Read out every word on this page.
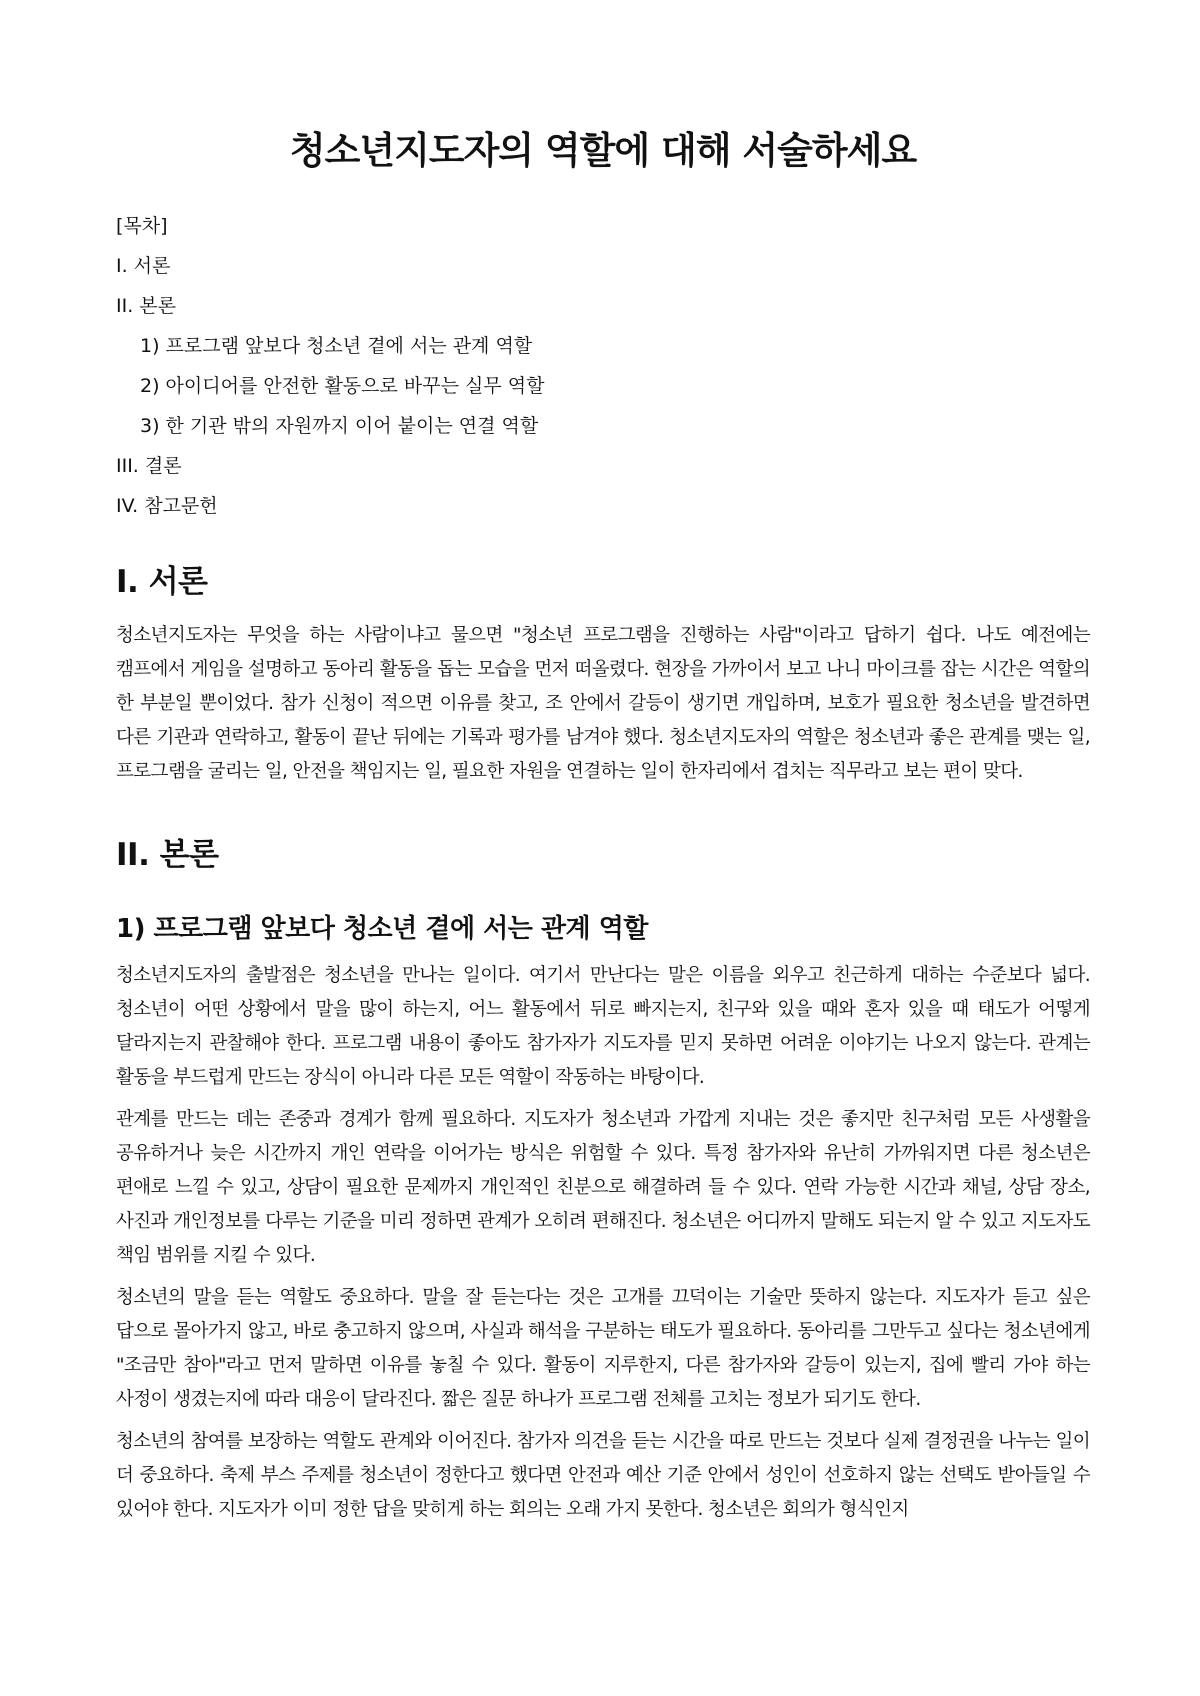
청소년지도자의 역할에 대해 서술하세요
[목차]
I. 서론
II. 본론
1) 프로그램 앞보다 청소년 곁에 서는 관계 역할
2) 아이디어를 안전한 활동으로 바꾸는 실무 역할
3) 한 기관 밖의 자원까지 이어 붙이는 연결 역할
III. 결론
IV. 참고문헌
I. 서론

청소년지도자는 무엇을 하는 사람이냐고 물으면 "청소년 프로그램을 진행하는 사람"이라고 답하기 쉽다. 나도 예전에는 캠프에서 게임을 설명하고 동아리 활동을 돕는 모습을 먼저 떠올렸다. 현장을 가까이서 보고 나니 마이크를 잡는 시간은 역할의 한 부분일 뿐이었다. 참가 신청이 적으면 이유를 찾고, 조 안에서 갈등이 생기면 개입하며, 보호가 필요한 청소년을 발견하면 다른 기관과 연락하고, 활동이 끝난 뒤에는 기록과 평가를 남겨야 했다. 청소년지도자의 역할은 청소년과 좋은 관계를 맺는 일, 프로그램을 굴리는 일, 안전을 책임지는 일, 필요한 자원을 연결하는 일이 한자리에서 겹치는 직무라고 보는 편이 맞다.

II. 본론
1) 프로그램 앞보다 청소년 곁에 서는 관계 역할

청소년지도자의 출발점은 청소년을 만나는 일이다. 여기서 만난다는 말은 이름을 외우고 친근하게 대하는 수준보다 넓다. 청소년이 어떤 상황에서 말을 많이 하는지, 어느 활동에서 뒤로 빠지는지, 친구와 있을 때와 혼자 있을 때 태도가 어떻게 달라지는지 관찰해야 한다. 프로그램 내용이 좋아도 참가자가 지도자를 믿지 못하면 어려운 이야기는 나오지 않는다. 관계는 활동을 부드럽게 만드는 장식이 아니라 다른 모든 역할이 작동하는 바탕이다.

관계를 만드는 데는 존중과 경계가 함께 필요하다. 지도자가 청소년과 가깝게 지내는 것은 좋지만 친구처럼 모든 사생활을 공유하거나 늦은 시간까지 개인 연락을 이어가는 방식은 위험할 수 있다. 특정 참가자와 유난히 가까워지면 다른 청소년은 편애로 느낄 수 있고, 상담이 필요한 문제까지 개인적인 친분으로 해결하려 들 수 있다. 연락 가능한 시간과 채널, 상담 장소, 사진과 개인정보를 다루는 기준을 미리 정하면 관계가 오히려 편해진다. 청소년은 어디까지 말해도 되는지 알 수 있고 지도자도 책임 범위를 지킬 수 있다.

청소년의 말을 듣는 역할도 중요하다. 말을 잘 듣는다는 것은 고개를 끄덕이는 기술만 뜻하지 않는다. 지도자가 듣고 싶은 답으로 몰아가지 않고, 바로 충고하지 않으며, 사실과 해석을 구분하는 태도가 필요하다. 동아리를 그만두고 싶다는 청소년에게 "조금만 참아"라고 먼저 말하면 이유를 놓칠 수 있다. 활동이 지루한지, 다른 참가자와 갈등이 있는지, 집에 빨리 가야 하는 사정이 생겼는지에 따라 대응이 달라진다. 짧은 질문 하나가 프로그램 전체를 고치는 정보가 되기도 한다.

청소년의 참여를 보장하는 역할도 관계와 이어진다. 참가자 의견을 듣는 시간을 따로 만드는 것보다 실제 결정권을 나누는 일이 더 중요하다. 축제 부스 주제를 청소년이 정한다고 했다면 안전과 예산 기준 안에서 성인이 선호하지 않는 선택도 받아들일 수 있어야 한다. 지도자가 이미 정한 답을 맞히게 하는 회의는 오래 가지 못한다. 청소년은 회의가 형식인지
